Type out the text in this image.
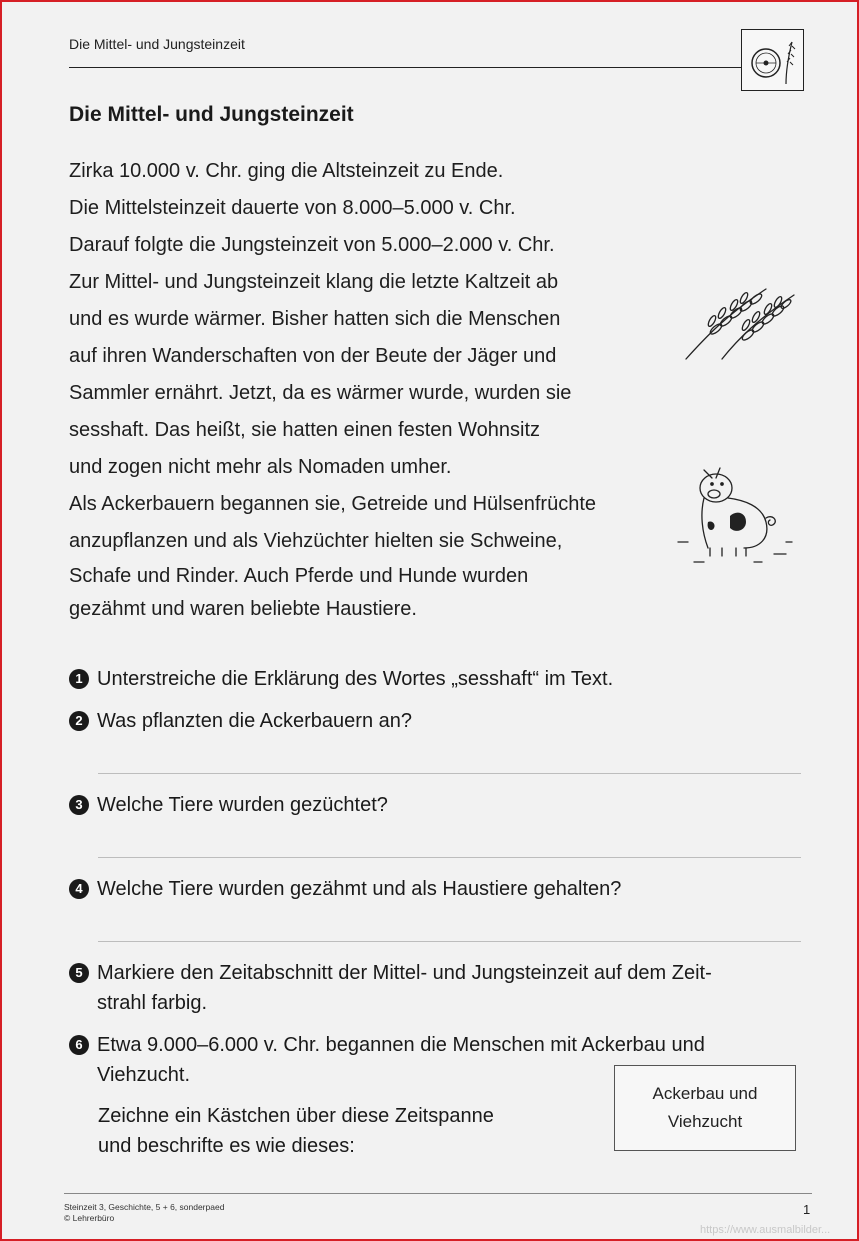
Die Mittel- und Jungsteinzeit
Die Mittel- und Jungsteinzeit
Zirka 10.000 v. Chr. ging die Altsteinzeit zu Ende.
Die Mittelsteinzeit dauerte von 8.000–5.000 v. Chr.
Darauf folgte die Jungsteinzeit von 5.000–2.000 v. Chr.
Zur Mittel- und Jungsteinzeit klang die letzte Kaltzeit ab
und es wurde wärmer. Bisher hatten sich die Menschen
auf ihren Wanderschaften von der Beute der Jäger und
Sammler ernährt. Jetzt, da es wärmer wurde, wurden sie
sesshaft. Das heißt, sie hatten einen festen Wohnsitz
und zogen nicht mehr als Nomaden umher.
Als Ackerbauern begannen sie, Getreide und Hülsenfrüchte
anzupflanzen und als Viehzüchter hielten sie Schweine,
Schafe und Rinder. Auch Pferde und Hunde wurden
gezähmt und waren beliebte Haustiere.
1 Unterstreiche die Erklärung des Wortes „sesshaft“ im Text.
2 Was pflanzten die Ackerbauern an?
3 Welche Tiere wurden gezüchtet?
4 Welche Tiere wurden gezähmt und als Haustiere gehalten?
5 Markiere den Zeitabschnitt der Mittel- und Jungsteinzeit auf dem Zeit-
strahl farbig.
6 Etwa 9.000–6.000 v. Chr. begannen die Menschen mit Ackerbau und
Viehzucht.
Zeichne ein Kästchen über diese Zeitspanne
und beschrifte es wie dieses:
Ackerbau und
Viehzucht
Steinzeit 3, Geschichte, 5 + 6, sonderpaed
© Lehrerbüro
1
https://www.ausmalbilder...
